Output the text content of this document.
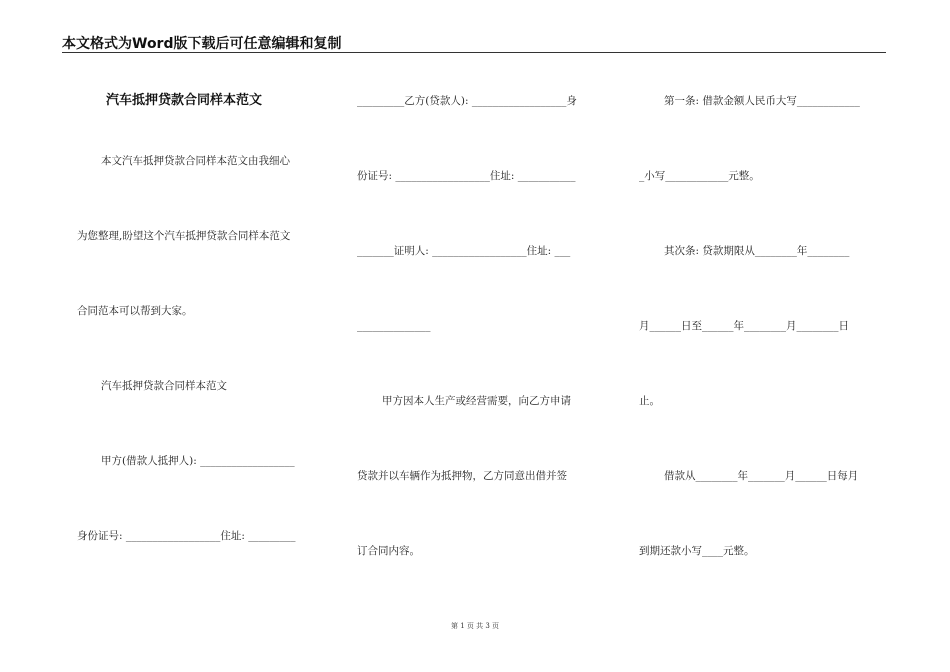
本文格式为Word版下载后可任意编辑和复制
汽车抵押贷款合同样本范文
本文汽车抵押贷款合同样本范文由我细心
为您整理,盼望这个汽车抵押贷款合同样本范文
合同范本可以帮到大家。
汽车抵押贷款合同样本范文
甲方(借款人抵押人): __________________
身份证号: __________________住址: _________
_________乙方(贷款人): __________________身
份证号: __________________住址: ___________
_______证明人: __________________住址: ___
______________
甲方因本人生产或经营需要，向乙方申请
贷款并以车辆作为抵押物，乙方同意出借并签
订合同内容。
第一条: 借款金额人民币大写____________
_小写____________元整。
其次条: 贷款期限从________年________
月______日至______年________月________日
止。
借款从________年_______月______日每月
到期还款小写____元整。
第 1 页 共 3 页
